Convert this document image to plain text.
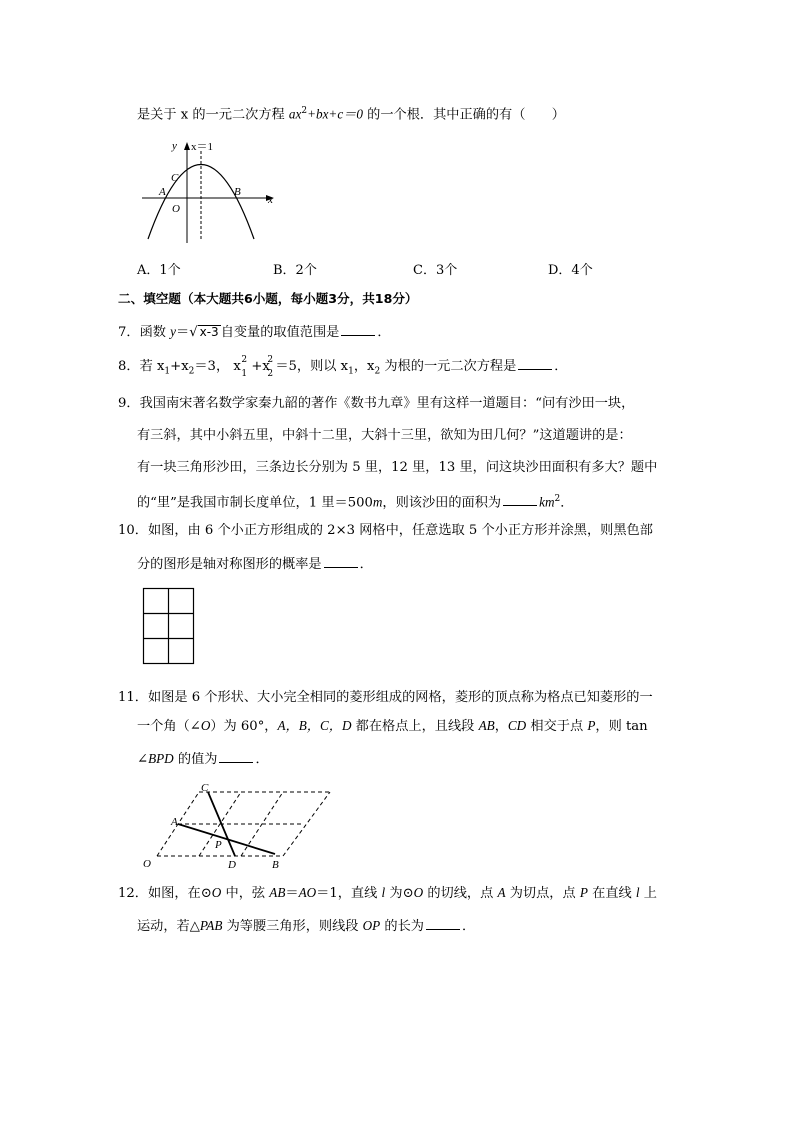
是关于 x 的一元二次方程 $ax^2+bx+c=0$ 的一个根．其中正确的有（　　）
y x＝1
C
A
O
B
x
A．1个	B．2个	C．3个	D．4个
二、填空题（本大题共6小题，每小题3分，共18分）
7．函数 y＝√ x-3 自变量的取值范围是	．
8．若 $x_1+x_2=3$， x 2
1 +x
2
2 ＝5，则以 $x_1$，$x_2$ 为根的一元二次方程是	．
9．我国南宋著名数学家秦九韶的著作《数书九章》里有这样一道题目：“问有沙田一块，
有三斜，其中小斜五里，中斜十二里，大斜十三里，欲知为田几何？”这道题讲的是：
有一块三角形沙田，三条边长分别为 5 里，12 里，13 里，问这块沙田面积有多大？题中
的“里”是我国市制长度单位，1 里＝500m，则该沙田的面积为	$km^2$．
10．如图，由 6 个小正方形组成的 2×3 网格中，任意选取 5 个小正方形并涂黑，则黑色部
分的图形是轴对称图形的概率是	．
11．如图是 6 个形状、大小完全相同的菱形组成的网格，菱形的顶点称为格点已知菱形的一
一个角（∠O）为 60°，A，B，C，D 都在格点上，且线段 AB，CD 相交于点 P，则 tan
∠BPD 的值为	．
C
A
P
O	D	B
12．如图，在⊙O 中，弦 AB＝AO＝1，直线 l 为⊙O 的切线，点 A 为切点，点 P 在直线 l 上
运动，若△PAB 为等腰三角形，则线段 OP 的长为	．
